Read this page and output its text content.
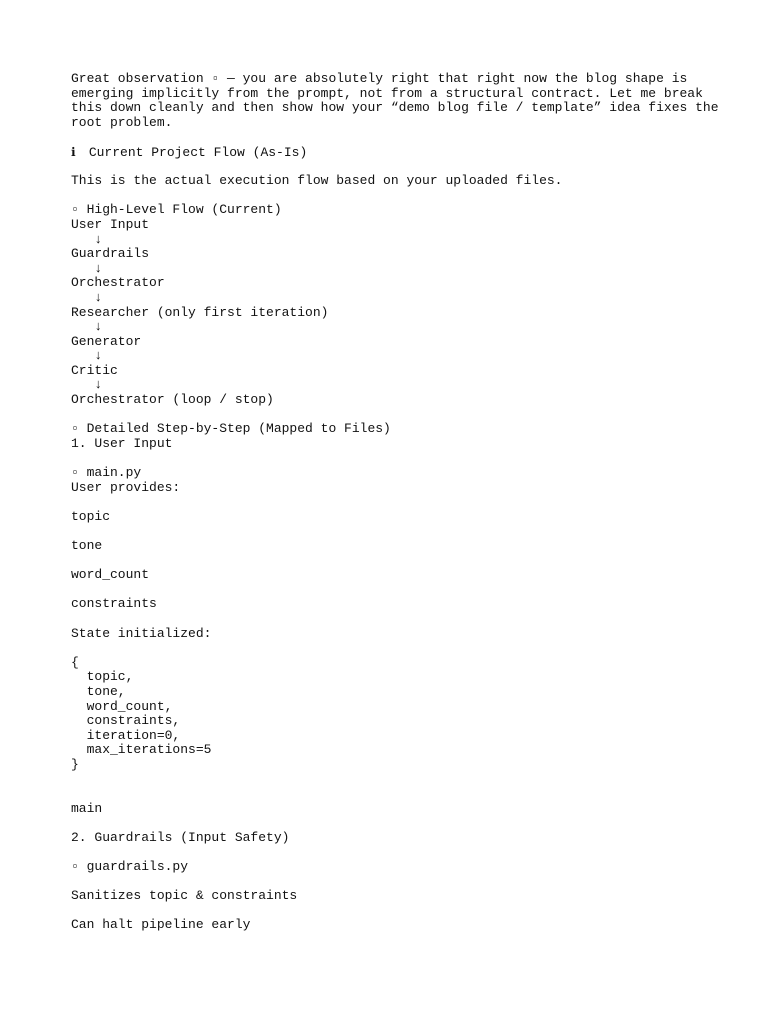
Great observation ▫ — you are absolutely right that right now the blog shape is
emerging implicitly from the prompt, not from a structural contract. Let me break
this down cleanly and then show how your “demo blog file / template” idea fixes the
root problem.
ℹ Current Project Flow (As-Is)
This is the actual execution flow based on your uploaded files.
▫ High-Level Flow (Current)
User Input
↓
Guardrails
↓
Orchestrator
↓
Researcher (only first iteration)
↓
Generator
↓
Critic
↓
Orchestrator (loop / stop)
▫ Detailed Step-by-Step (Mapped to Files)
1. User Input
▫ main.py
User provides:
topic
tone
word_count
constraints
State initialized:
{
topic,
tone,
word_count,
constraints,
iteration=0,
max_iterations=5
}
main
2. Guardrails (Input Safety)
▫ guardrails.py
Sanitizes topic & constraints
Can halt pipeline early
